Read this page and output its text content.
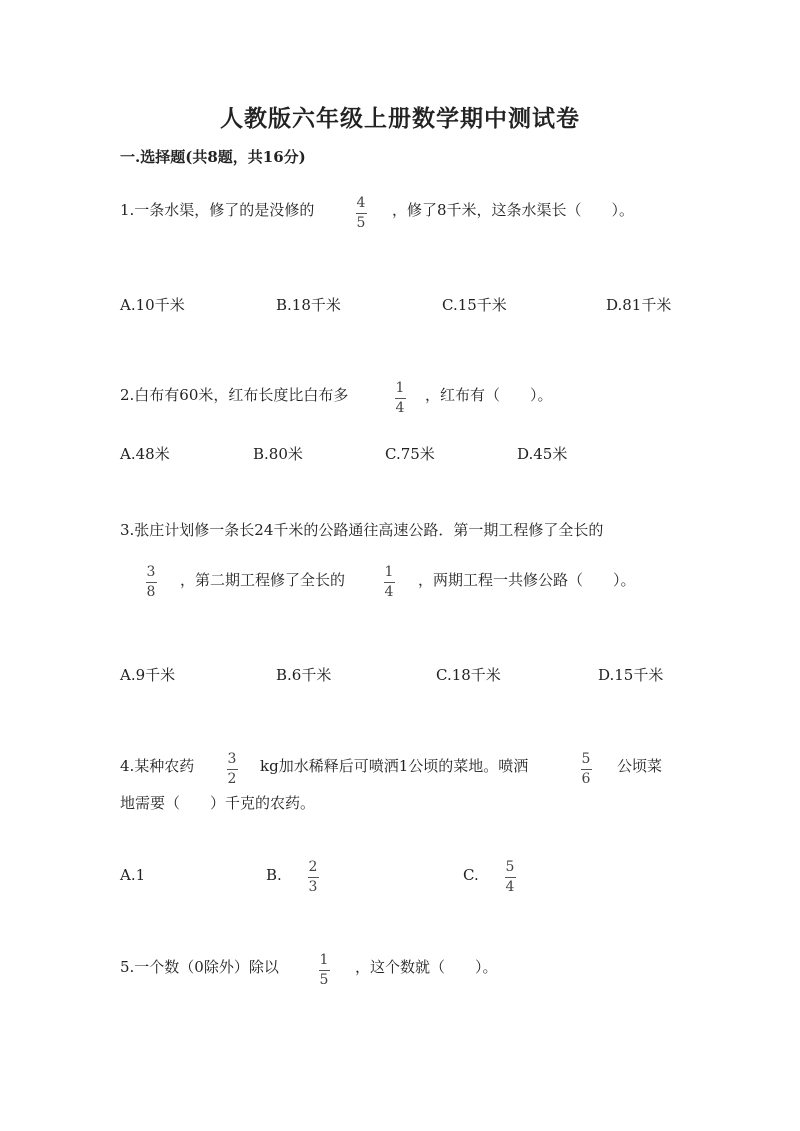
人教版六年级上册数学期中测试卷
一.选择题(共8题，共16分)
1.一条水渠，修了的是没修的	4
5
，修了8千米，这条水渠长（　　）。
A.10千米	B.18千米	C.15千米	D.81千米
2.白布有60米，红布长度比白布多	1
4
，红布有（　　）。
A.48米	B.80米	C.75米	D.45米
3.张庄计划修一条长24千米的公路通往高速公路．第一期工程修了全长的
3
8
，第二期工程修了全长的	1
4
，两期工程一共修公路（　　）。
A.9千米	B.6千米	C.18千米	D.15千米
4.某种农药 3
2
kg加水稀释后可喷洒1公顷的菜地。喷洒	5
6
公顷菜
地需要（　　）千克的农药。
A.1	B. 2
3
C. 5
4
5.一个数（0除外）除以	1
5
，这个数就（　　）。
